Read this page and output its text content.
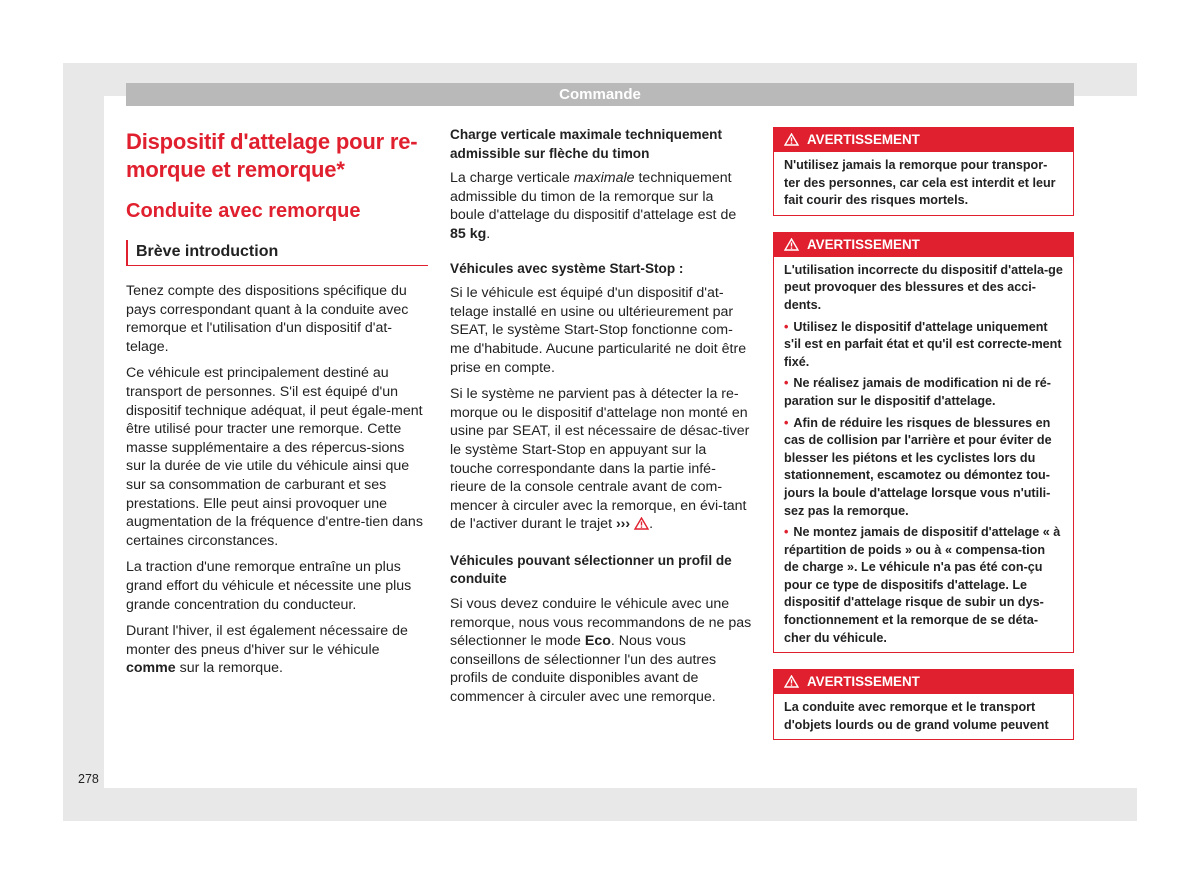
Commande
Dispositif d'attelage pour re-morque et remorque*
Conduite avec remorque
Brève introduction

Tenez compte des dispositions spécifique du pays correspondant quant à la conduite avec remorque et l'utilisation d'un dispositif d'at-telage.

Ce véhicule est principalement destiné au transport de personnes. S'il est équipé d'un dispositif technique adéquat, il peut égale-ment être utilisé pour tracter une remorque. Cette masse supplémentaire a des répercus-sions sur la durée de vie utile du véhicule ainsi que sur sa consommation de carburant et ses prestations. Elle peut ainsi provoquer une augmentation de la fréquence d'entre-tien dans certaines circonstances.

La traction d'une remorque entraîne un plus grand effort du véhicule et nécessite une plus grande concentration du conducteur.

Durant l'hiver, il est également nécessaire de monter des pneus d'hiver sur le véhicule comme sur la remorque.

Charge verticale maximale techniquement admissible sur flèche du timon

La charge verticale maximale techniquement admissible du timon de la remorque sur la boule d'attelage du dispositif d'attelage est de 85 kg.

Véhicules avec système Start-Stop :

Si le véhicule est équipé d'un dispositif d'at-telage installé en usine ou ultérieurement par SEAT, le système Start-Stop fonctionne com-me d'habitude. Aucune particularité ne doit être prise en compte.

Si le système ne parvient pas à détecter la re-morque ou le dispositif d'attelage non monté en usine par SEAT, il est nécessaire de désac-tiver le système Start-Stop en appuyant sur la touche correspondante dans la partie infé-rieure de la console centrale avant de com-mencer à circuler avec la remorque, en évi-tant de l'activer durant le trajet ››› .

Véhicules pouvant sélectionner un profil de conduite

Si vous devez conduire le véhicule avec une remorque, nous vous recommandons de ne pas sélectionner le mode Eco. Nous vous conseillons de sélectionner l'un des autres profils de conduite disponibles avant de commencer à circuler avec une remorque.

AVERTISSEMENT
N'utilisez jamais la remorque pour transpor-ter des personnes, car cela est interdit et leur fait courir des risques mortels.
AVERTISSEMENT
L'utilisation incorrecte du dispositif d'attela-ge peut provoquer des blessures et des acci-dents.
• Utilisez le dispositif d'attelage uniquement s'il est en parfait état et qu'il est correcte-ment fixé.
• Ne réalisez jamais de modification ni de ré-paration sur le dispositif d'attelage.
• Afin de réduire les risques de blessures en cas de collision par l'arrière et pour éviter de blesser les piétons et les cyclistes lors du stationnement, escamotez ou démontez tou-jours la boule d'attelage lorsque vous n'utili-sez pas la remorque.
• Ne montez jamais de dispositif d'attelage « à répartition de poids » ou à « compensa-tion de charge ». Le véhicule n'a pas été con-çu pour ce type de dispositifs d'attelage. Le dispositif d'attelage risque de subir un dys-fonctionnement et la remorque de se déta-cher du véhicule.
AVERTISSEMENT
La conduite avec remorque et le transport d'objets lourds ou de grand volume peuvent
278
